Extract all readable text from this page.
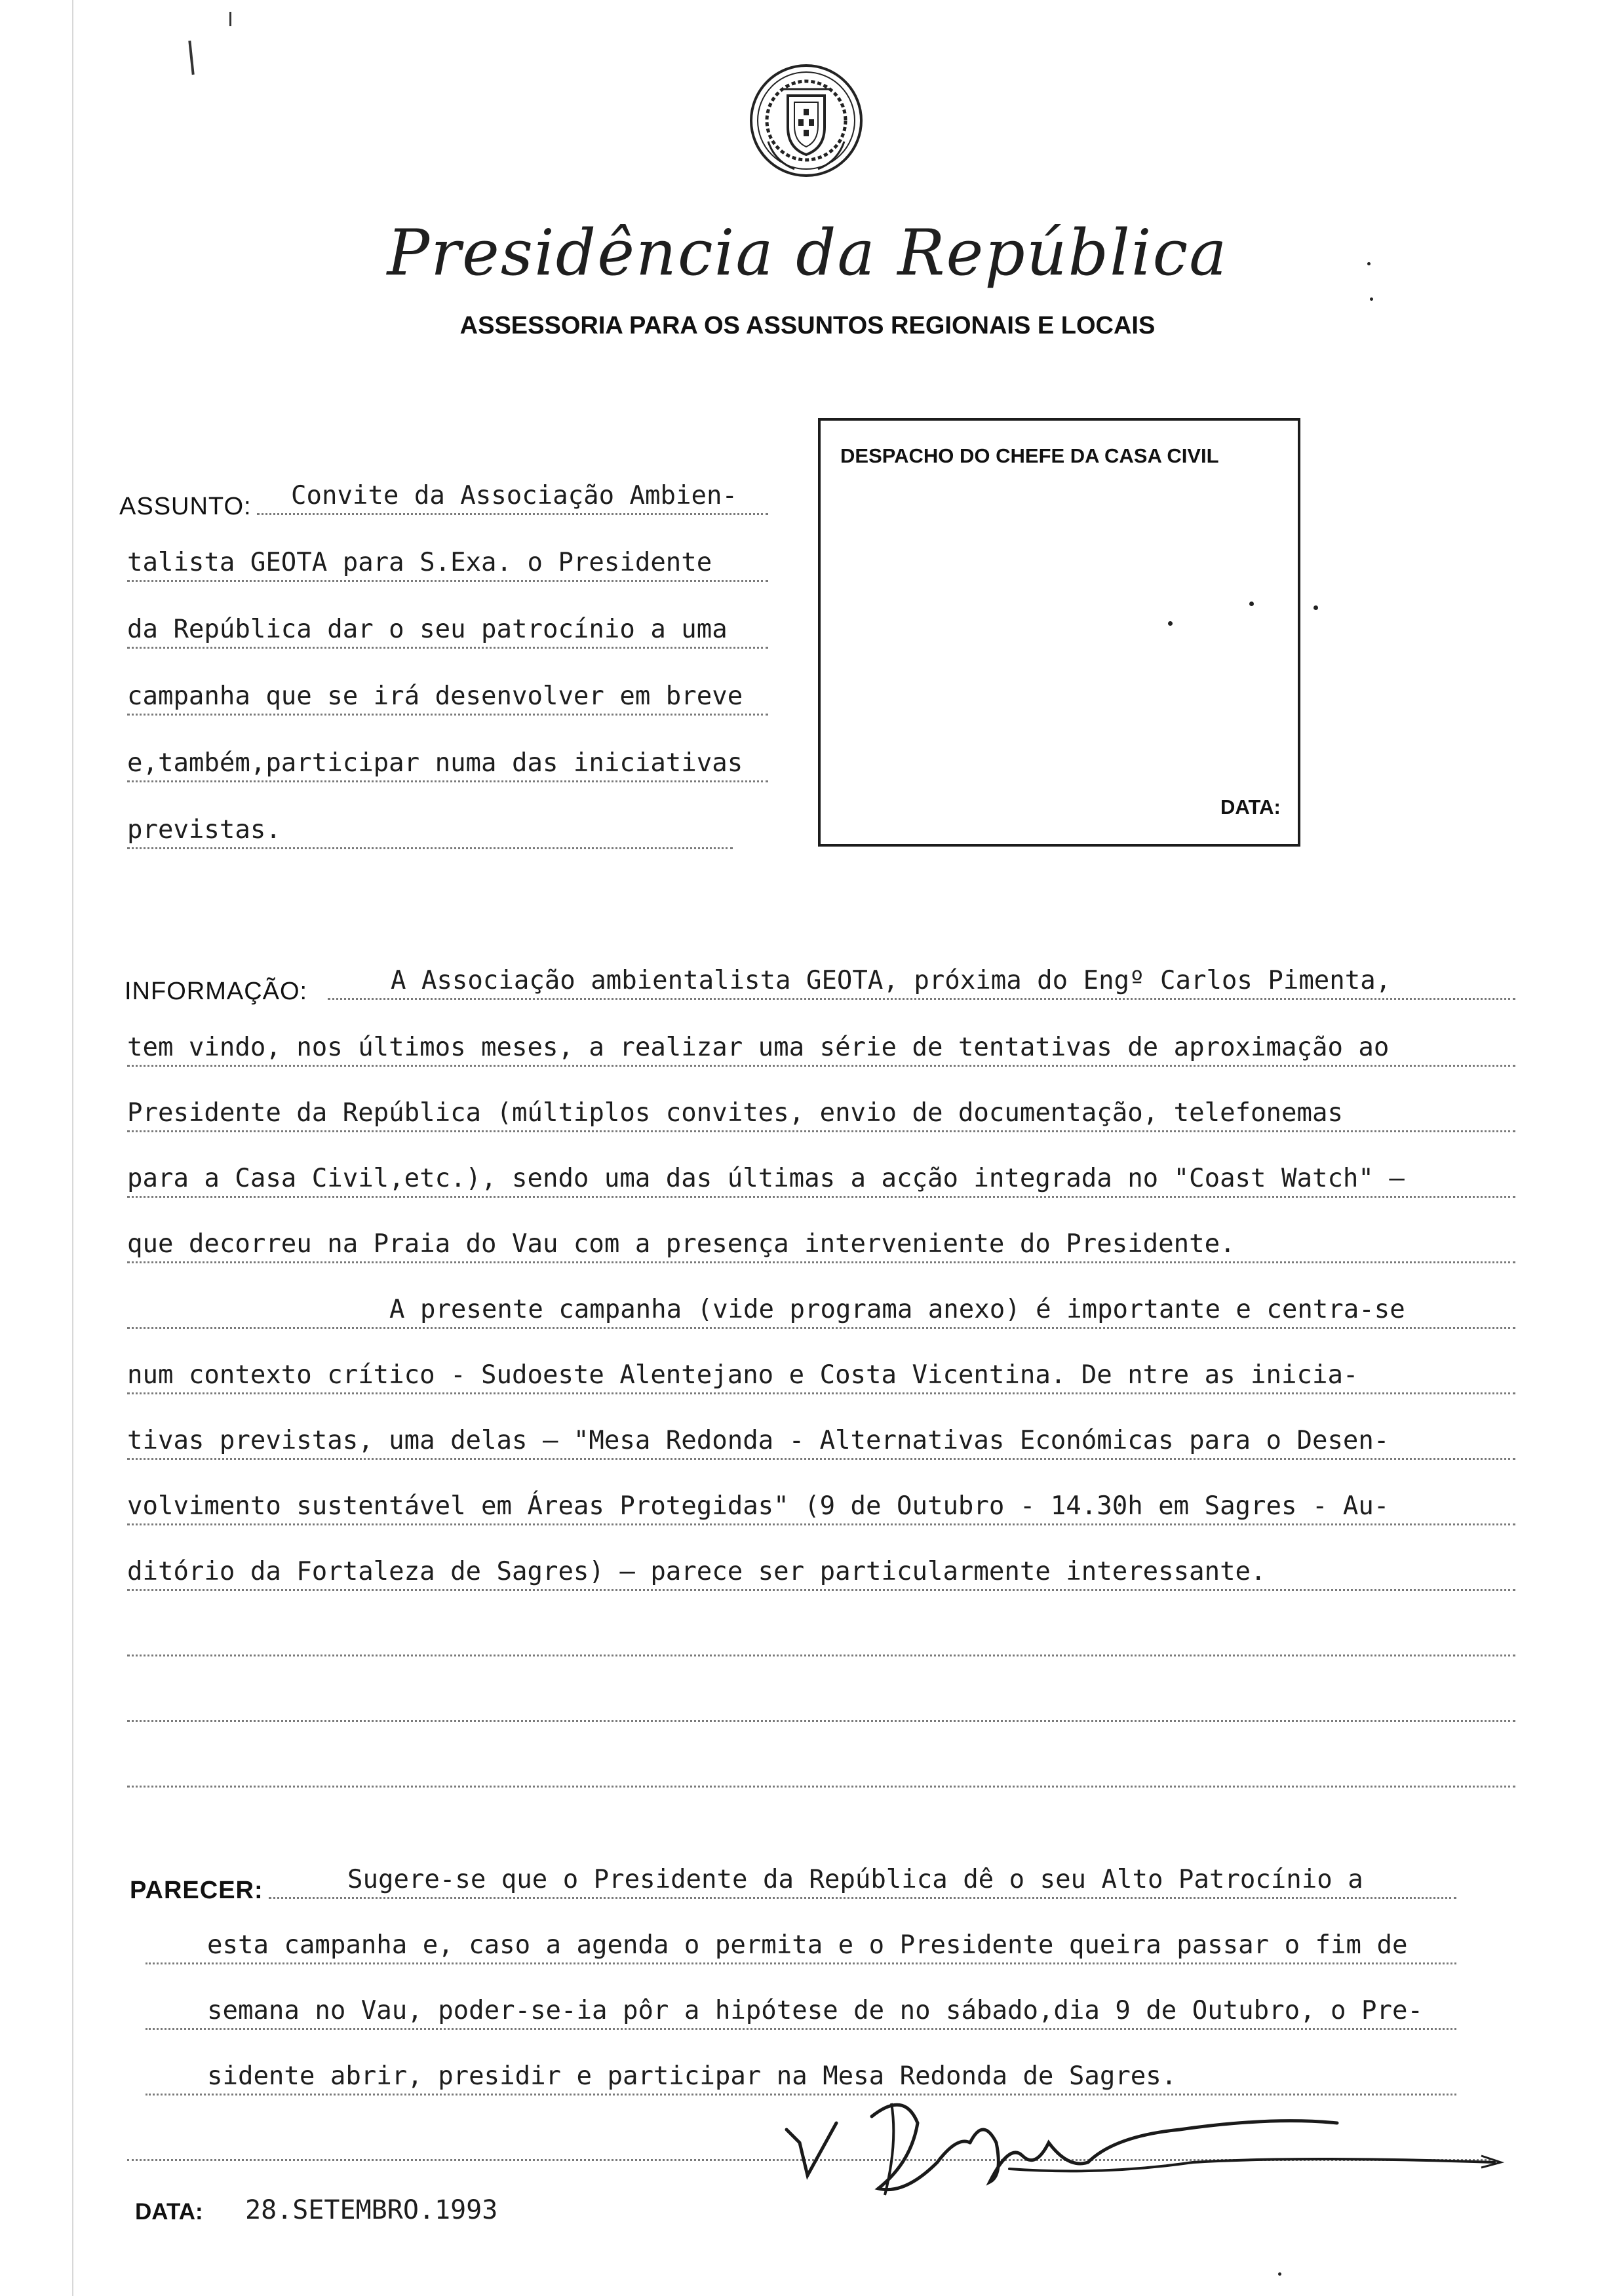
Presidência da República
ASSESSORIA PARA OS ASSUNTOS REGIONAIS E LOCAIS
DESPACHO DO CHEFE DA CASA CIVIL
DATA:
ASSUNTO:	Convite da Associação Ambien-
talista GEOTA para S.Exa. o Presidente
da República dar o seu patrocínio a uma
campanha que se irá desenvolver em breve
e,também,participar numa das iniciativas
previstas.
INFORMAÇÃO:	A Associação ambientalista GEOTA, próxima do Engº Carlos Pimenta,
tem vindo, nos últimos meses, a realizar uma série de tentativas de aproximação ao
Presidente da República (múltiplos convites, envio de documentação, telefonemas
para a Casa Civil,etc.), sendo uma das últimas a acção integrada no "Coast Watch" —
que decorreu na Praia do Vau com a presença interveniente do Presidente.
A presente campanha (vide programa anexo) é importante e centra-se
num contexto crítico - Sudoeste Alentejano e Costa Vicentina. De ntre as inicia-
tivas previstas, uma delas — "Mesa Redonda - Alternativas Económicas para o Desen-
volvimento sustentável em Áreas Protegidas" (9 de Outubro - 14.30h em Sagres - Au-
ditório da Fortaleza de Sagres) — parece ser particularmente interessante.
PARECER:	Sugere-se que o Presidente da República dê o seu Alto Patrocínio a
esta campanha e, caso a agenda o permita e o Presidente queira passar o fim de
semana no Vau, poder-se-ia pôr a hipótese de no sábado,dia 9 de Outubro, o Pre-
sidente abrir, presidir e participar na Mesa Redonda de Sagres.
DATA: 28.SETEMBRO.1993
